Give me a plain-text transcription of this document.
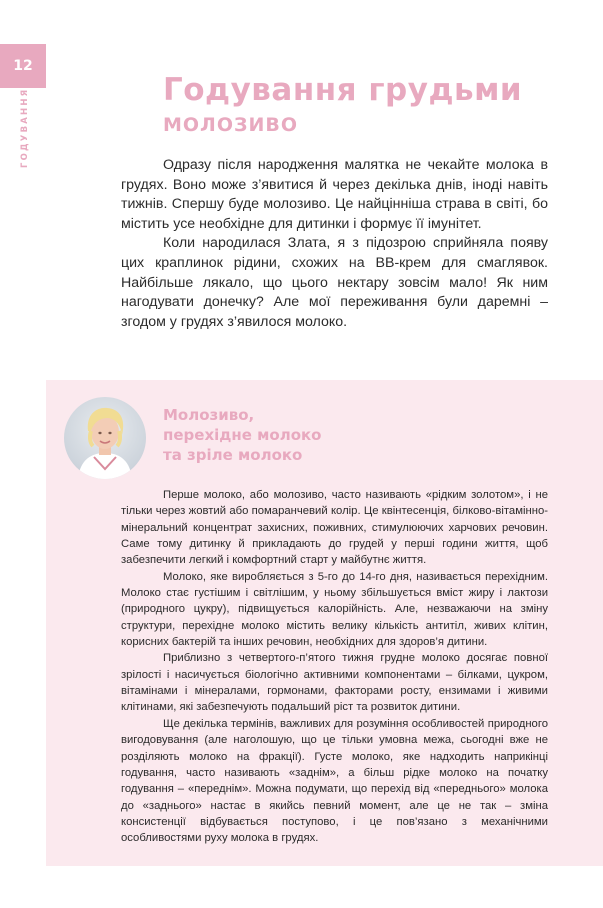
12
ГОДУВАННЯ	Годування грудьми
МОЛОЗИВО

Одразу після народження малятка не чекайте молока в грудях. Воно може з’явитися й через декілька днів, іноді навіть тижнів. Спершу буде молозиво. Це найцінніша страва в світі, бо містить усе необхідне для дитинки і формує її імунітет.

Коли народилася Злата, я з підозрою сприйняла появу цих краплинок рідини, схожих на ВВ-крем для смаглявок. Найбільше лякало, що цього нектару зовсім мало! Як ним нагодувати донечку? Але мої переживання були даремні – згодом у грудях з’явилося молоко.

Молозиво,
перехідне молоко
та зріле молоко

Перше молоко, або молозиво, часто називають «рідким золотом», і не тільки через жовтий або помаранчевий колір. Це квінтесенція, білково-вітамінно-мінеральний концентрат захисних, поживних, стимулюючих харчових речовин. Саме тому дитинку й прикладають до грудей у перші години життя, щоб забезпечити легкий і комфортний старт у майбутнє життя.

Молоко, яке виробляється з 5-го до 14-го дня, називається перехідним. Молоко стає густішим і світлішим, у ньому збільшується вміст жиру і лактози (природного цукру), підвищується калорійність. Але, незважаючи на зміну структури, перехідне молоко містить велику кількість антитіл, живих клітин, корисних бактерій та інших речовин, необхідних для здоров’я дитини.

Приблизно з четвертого-п’ятого тижня грудне молоко досягає повної зрілості і насичується біологічно активними компонентами – білками, цукром, вітамінами і мінералами, гормонами, факторами росту, ензимами і живими клітинами, які забезпечують подальший ріст та розвиток дитини.

Ще декілька термінів, важливих для розуміння особливостей природного вигодовування (але наголошую, що це тільки умовна межа, сьогодні вже не розділяють молоко на фракції). Густе молоко, яке надходить наприкінці годування, часто називають «заднім», а більш рідке молоко на початку годування – «переднім». Можна подумати, що перехід від «переднього» молока до «заднього» настає в якийсь певний момент, але це не так – зміна консистенції відбувається поступово, і це пов’язано з механічними особливостями руху молока в грудях.
